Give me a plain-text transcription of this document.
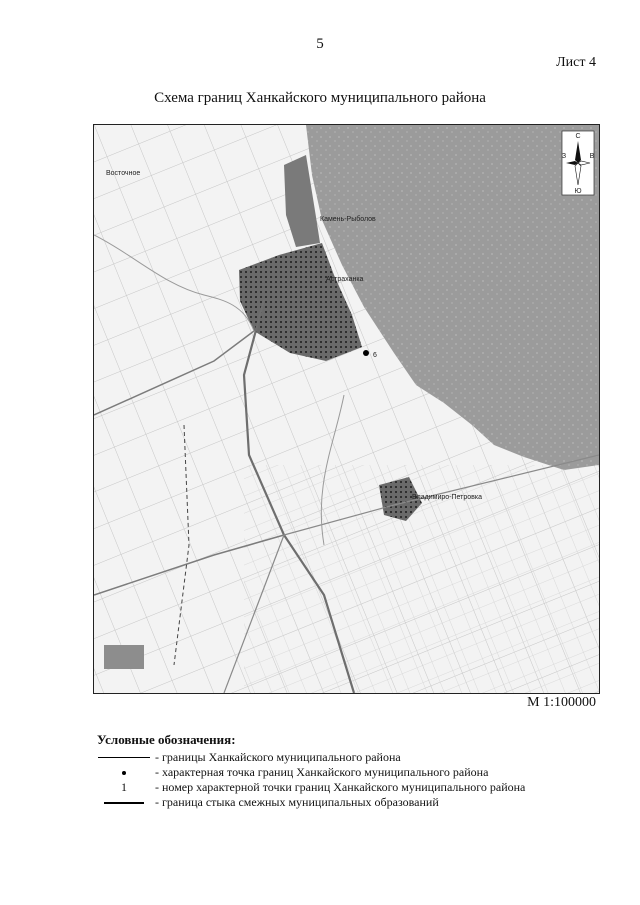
5
Лист 4
Схема границ Ханкайского муниципального района
6
Камень-Рыболов
Астраханка
Владимиро-Петровка
Восточное
С
Ю
З	В
М 1:100000
Условные обозначения:
- границы Ханкайского муниципального района
- характерная точка границ Ханкайского муниципального района
1	- номер характерной точки границ Ханкайского муниципального района
- граница стыка смежных муниципальных образований
